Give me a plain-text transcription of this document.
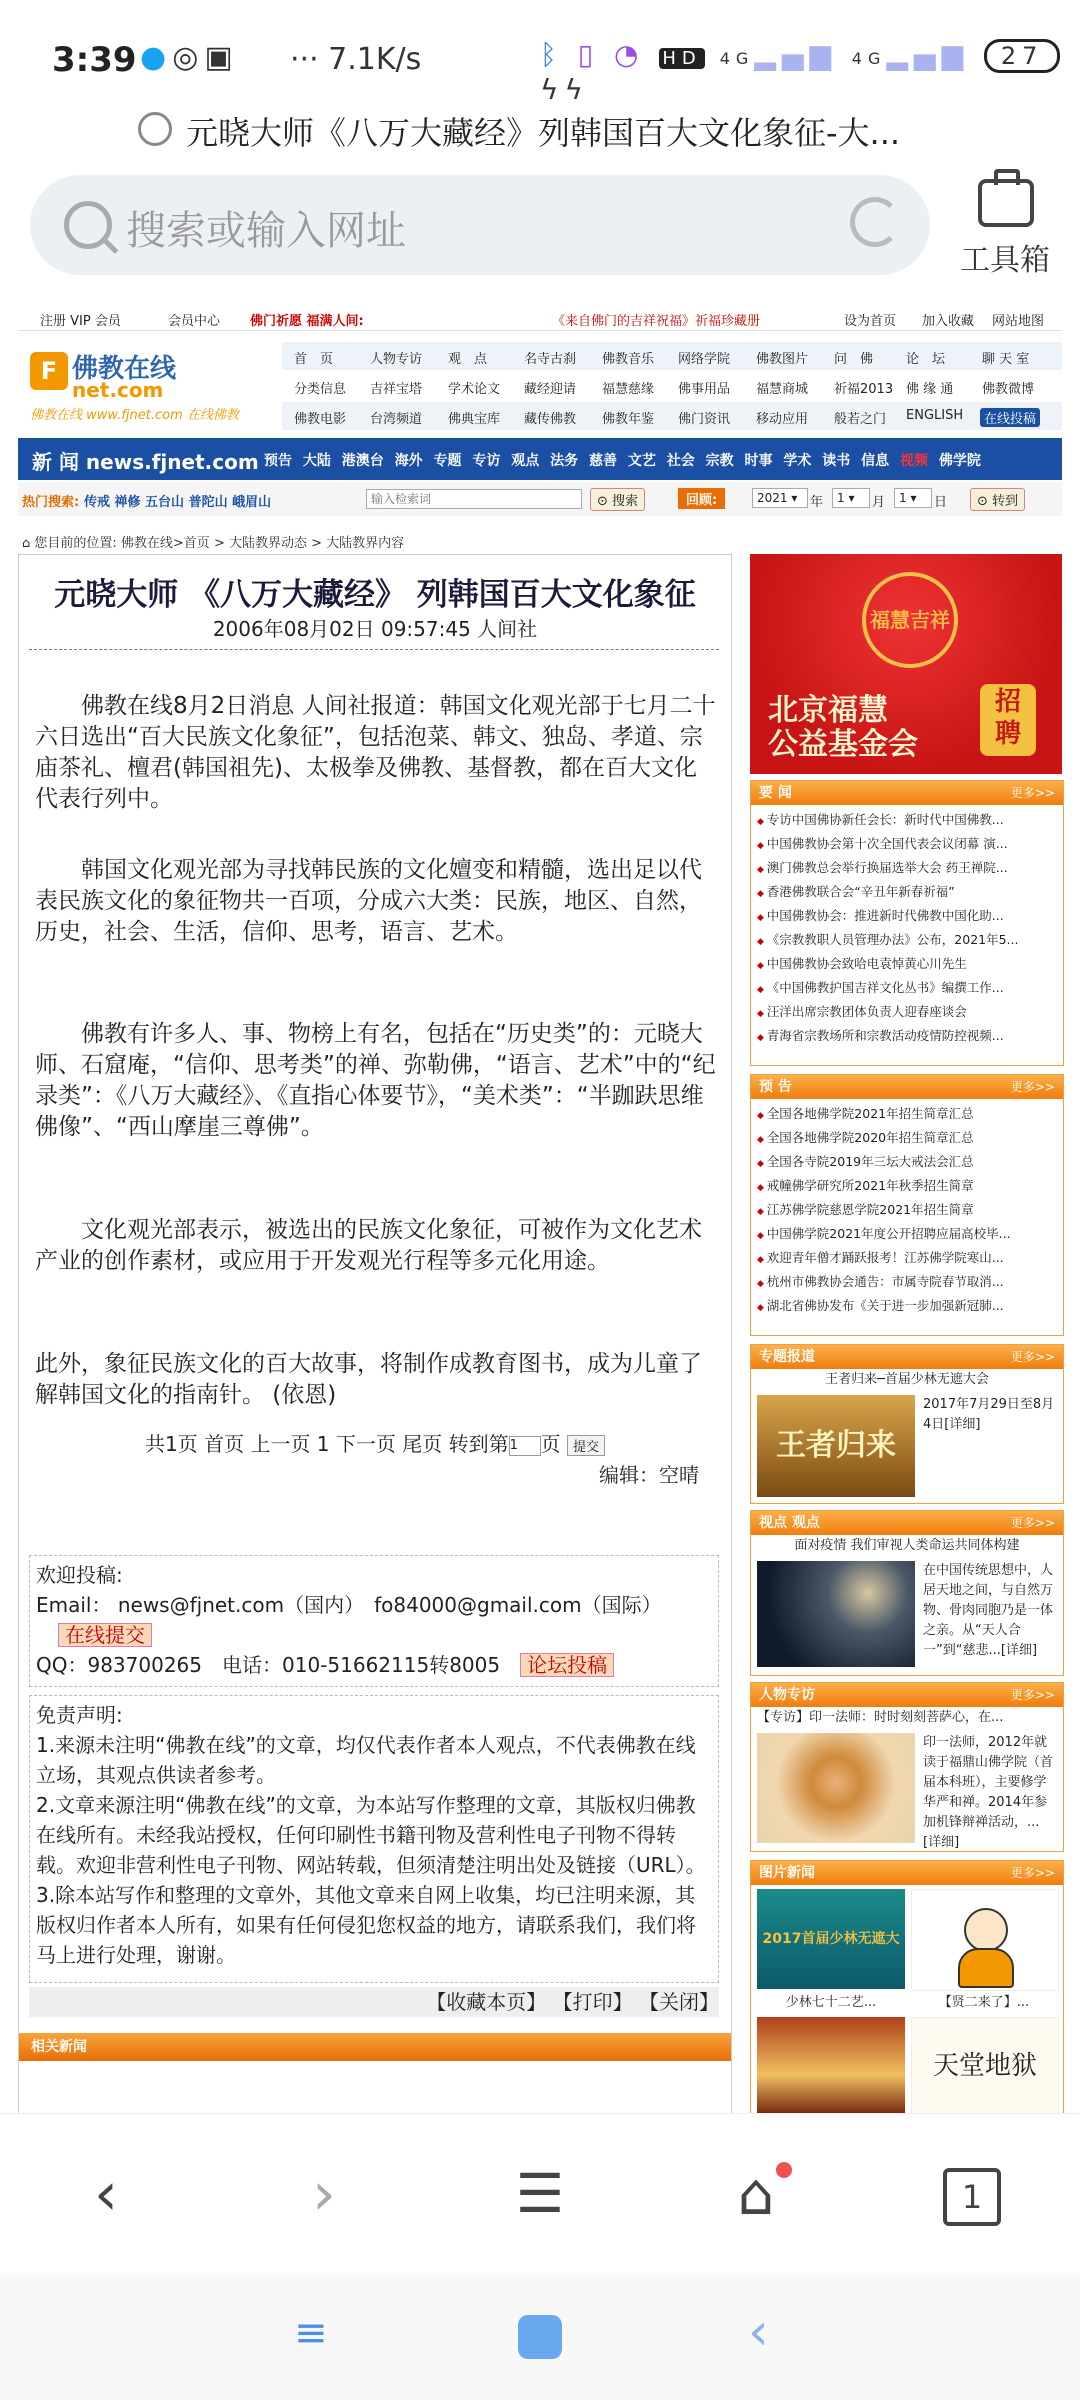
3:39 ●◎▣ ··· 7.1K/s	ᛒ ▯ ◔ HD 4G▂▄▆ 4G▂▄▆ 27 ϟϟ
元晓大师《八万大藏经》列韩国百大文化象征-大...
搜索或输入网址
工具箱
注册 VIP 会员	会员中心 佛门祈愿 福满人间:	《来自佛门的吉祥祝福》祈福珍藏册	设为首页 加入收藏 网站地图
F 佛教在线
net.com
佛教在线 www.fjnet.com 在线佛教
首　页	人物专访 观　点	名寺古刹 佛教音乐 网络学院 佛教图片 问　佛	论　坛	聊 天 室
分类信息 吉祥宝塔 学术论文 藏经迎请 福慧慈缘 佛事用品 福慧商城 祈福2013 佛 缘 通 佛教微博
佛教电影 台湾频道 佛典宝库 藏传佛教 佛教年鉴 佛门资讯 移动应用 般若之门 ENGLISH	在线投稿
新 闻 news.fjnet.com 预告 大陆 港澳台 海外 专题 专访 观点 法务 慈善 文艺 社会 宗教 时事 学术 读书 信息 视频 佛学院
热门搜索: 传戒 禅修 五台山 普陀山 峨眉山
输入检索词	⊙ 搜索	回顾:	2021 ▾ 年	1 ▾	月	1 ▾	日	⊙ 转到
⌂ 您目前的位置: 佛教在线>首页 > 大陆教界动态 > 大陆教界内容
元晓大师 《八万大藏经》 列韩国百大文化象征
2006年08月02日 09:57:45 人间社
　　佛教在线8月2日消息 人间社报道：韩国文化观光部于七月二十六日选出“百大民族文化象征”，包括泡菜、韩文、独岛、孝道、宗庙茶礼、檀君(韩国祖先)、太极拳及佛教、基督教，都在百大文化代表行列中。
　　韩国文化观光部为寻找韩民族的文化嬗变和精髓，选出足以代表民族文化的象征物共一百项，分成六大类：民族，地区、自然，历史，社会、生活，信仰、思考，语言、艺术。
　　佛教有许多人、事、物榜上有名，包括在“历史类”的：元晓大师、石窟庵，“信仰、思考类”的禅、弥勒佛，“语言、艺术”中的“纪录类”：《八万大藏经》、《直指心体要节》，“美术类”：“半跏趺思维佛像”、“西山摩崖三尊佛”。
　　文化观光部表示，被选出的民族文化象征，可被作为文化艺术产业的创作素材，或应用于开发观光行程等多元化用途。
此外，象征民族文化的百大故事，将制作成教育图书，成为儿童了解韩国文化的指南针。 (依恩)
共1页 首页 上一页 1 下一页 尾页 转到第1 页 提交
编辑：空晴
欢迎投稿:
Email： news@fjnet.com（国内）　fo84000@gmail.com（国际）
在线提交
QQ：983700265　电话：010-51662115转8005　 论坛投稿
免责声明:
1.来源未注明“佛教在线”的文章，均仅代表作者本人观点，不代表佛教在线立场，其观点供读者参考。
2.文章来源注明“佛教在线”的文章，为本站写作整理的文章，其版权归佛教在线所有。未经我站授权，任何印刷性书籍刊物及营利性电子刊物不得转载。欢迎非营利性电子刊物、网站转载，但须清楚注明出处及链接（URL）。
3.除本站写作和整理的文章外，其他文章来自网上收集，均已注明来源，其版权归作者本人所有，如果有任何侵犯您权益的地方，请联系我们，我们将马上进行处理，谢谢。
【收藏本页】 【打印】 【关闭】
相关新闻
福慧吉祥
北京福慧
公益基金会
招
聘
要 闻	更多>>
◆ 专访中国佛协新任会长：新时代中国佛教...
◆ 中国佛教协会第十次全国代表会议闭幕 演...
◆ 澳门佛教总会举行换届选举大会 药王禅院...
◆ 香港佛教联合会“辛丑年新春祈福”
◆ 中国佛教协会：推进新时代佛教中国化助...
◆ 《宗教教职人员管理办法》公布，2021年5...
◆ 中国佛教协会致哈电袁悼黄心川先生
◆ 《中国佛教护国吉祥文化丛书》编撰工作...
◆ 汪洋出席宗教团体负责人迎春座谈会
◆ 青海省宗教场所和宗教活动疫情防控视频...
预 告	更多>>
◆ 全国各地佛学院2021年招生简章汇总
◆ 全国各地佛学院2020年招生简章汇总
◆ 全国各寺院2019年三坛大戒法会汇总
◆ 戒幢佛学研究所2021年秋季招生简章
◆ 江苏佛学院慈恩学院2021年招生简章
◆ 中国佛学院2021年度公开招聘应届高校毕...
◆ 欢迎青年僧才踊跃报考！江苏佛学院寒山...
◆ 杭州市佛教协会通告：市属寺院春节取消...
◆ 湖北省佛协发布《关于进一步加强新冠肺...
专题报道	更多>>
王者归来─首届少林无遮大会
王者归来
2017年7月29日至8月4日[详细]
视点 观点	更多>>
面对疫情 我们审视人类命运共同体构建
在中国传统思想中，人居天地之间，与自然万物、骨肉同胞乃是一体之亲。从“天人合一”到“慈悲...[详细]
人物专访	更多>>
【专访】印一法师：时时刻刻菩萨心，在...
印一法师，2012年就读于福鼎山佛学院（首届本科班），主要修学华严和禅。2014年参加机锋辩禅活动，...[详细]
图片新闻	更多>>
2017首届少林无遮大
少林七十二艺...	【贤二来了】...
天堂地狱
‹	›	☰	⌂	1
≡	‹
